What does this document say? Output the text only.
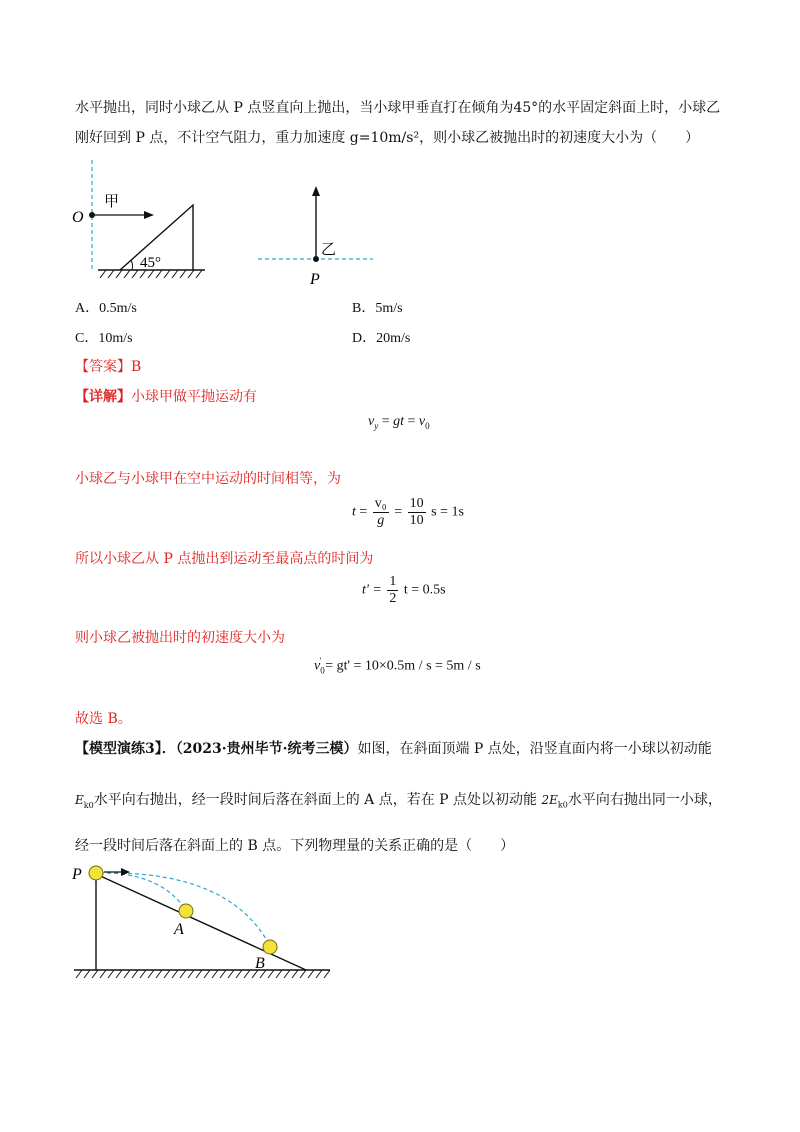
水平抛出，同时小球乙从 P 点竖直向上抛出，当小球甲垂直打在倾角为45°的水平固定斜面上时，小球乙
刚好回到 P 点，不计空气阻力，重力加速度 g=10m/s²，则小球乙被抛出时的初速度大小为（　　）
O
甲
45°
乙
P
A．0.5m/s	B．5m/s
C．10m/s	D．20m/s
【答案】B
【详解】小球甲做平抛运动有
$v_y$ = gt = $v_0$
小球乙与小球甲在空中运动的时间相等，为
$t = \frac{\text{v₀}}{g} = \frac{10}{10}$ s = 1s
所以小球乙从 P 点抛出到运动至最高点的时间为
$t' = \frac{1}{2}$ t = 0.5s
则小球乙被抛出时的初速度大小为
$v_0' = gt' = 10\times 0.5m / s = 5m / s$
故选 B。
【模型演练3】．（2023·贵州毕节·统考三模）如图，在斜面顶端 P 点处，沿竖直面内将一小球以初动能
$E_{k0}$水平向右抛出，经一段时间后落在斜面上的 A 点，若在 P 点处以初动能 $2E_{k0}$水平向右抛出同一小球，
经一段时间后落在斜面上的 B 点。下列物理量的关系正确的是（　　）
P
A
B
